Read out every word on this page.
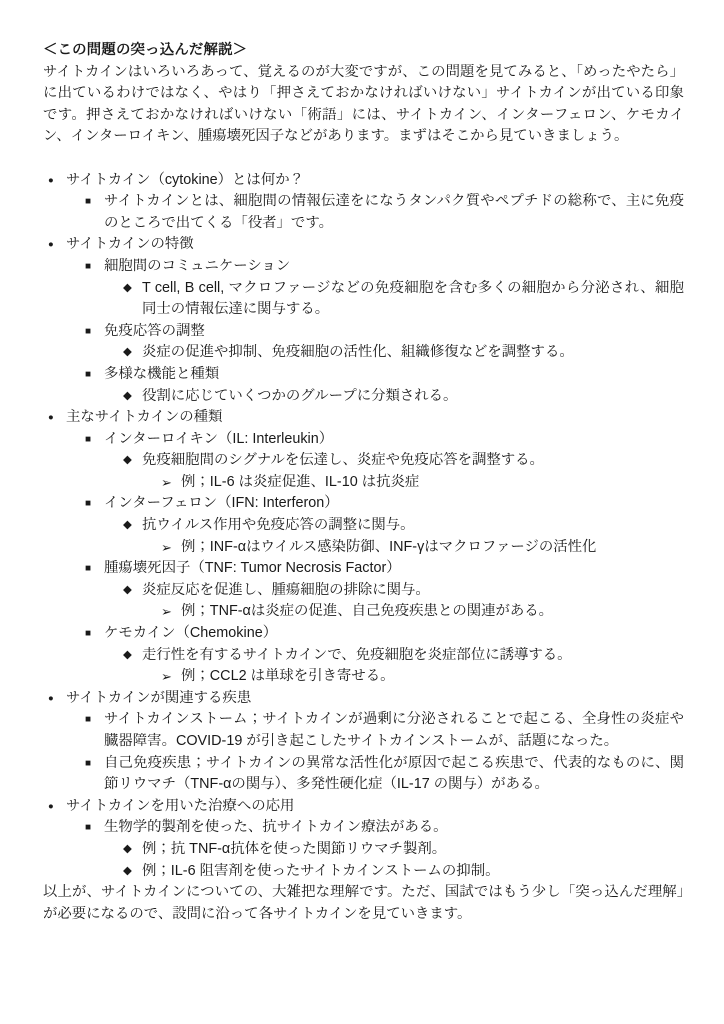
＜この問題の突っ込んだ解説＞
サイトカインはいろいろあって、覚えるのが大変ですが、この問題を見てみると、「めったやたら」に出ているわけではなく、やはり「押さえておかなければいけない」サイトカインが出ている印象です。押さえておかなければいけない「術語」には、サイトカイン、インターフェロン、ケモカイン、インターロイキン、腫瘍壊死因子などがあります。まずはそこから見ていきましょう。
● サイトカイン（cytokine）とは何か？
■ サイトカインとは、細胞間の情報伝達をになうタンパク質やペプチドの総称で、主に免疫のところで出てくる「役者」です。
● サイトカインの特徴
■ 細胞間のコミュニケーション
◆ T cell, B cell, マクロファージなどの免疫細胞を含む多くの細胞から分泌され、細胞同士の情報伝達に関与する。
■ 免疫応答の調整
◆ 炎症の促進や抑制、免疫細胞の活性化、組織修復などを調整する。
■ 多様な機能と種類
◆ 役割に応じていくつかのグループに分類される。
● 主なサイトカインの種類
■ インターロイキン（IL: Interleukin）
◆ 免疫細胞間のシグナルを伝達し、炎症や免疫応答を調整する。
➢ 例；IL-6 は炎症促進、IL-10 は抗炎症
■ インターフェロン（IFN: Interferon）
◆ 抗ウイルス作用や免疫応答の調整に関与。
➢ 例；INF-αはウイルス感染防御、INF-γはマクロファージの活性化
■ 腫瘍壊死因子（TNF: Tumor Necrosis Factor）
◆ 炎症反応を促進し、腫瘍細胞の排除に関与。
➢ 例；TNF-αは炎症の促進、自己免疫疾患との関連がある。
■ ケモカイン（Chemokine）
◆ 走行性を有するサイトカインで、免疫細胞を炎症部位に誘導する。
➢ 例；CCL2 は単球を引き寄せる。
● サイトカインが関連する疾患
■ サイトカインストーム；サイトカインが過剰に分泌されることで起こる、全身性の炎症や臓器障害。COVID-19 が引き起こしたサイトカインストームが、話題になった。
■ 自己免疫疾患；サイトカインの異常な活性化が原因で起こる疾患で、代表的なものに、関節リウマチ（TNF-αの関与）、多発性硬化症（IL-17 の関与）がある。
● サイトカインを用いた治療への応用
■ 生物学的製剤を使った、抗サイトカイン療法がある。
◆ 例；抗 TNF-α抗体を使った関節リウマチ製剤。
◆ 例；IL-6 阻害剤を使ったサイトカインストームの抑制。
以上が、サイトカインについての、大雑把な理解です。ただ、国試ではもう少し「突っ込んだ理解」が必要になるので、設問に沿って各サイトカインを見ていきます。
